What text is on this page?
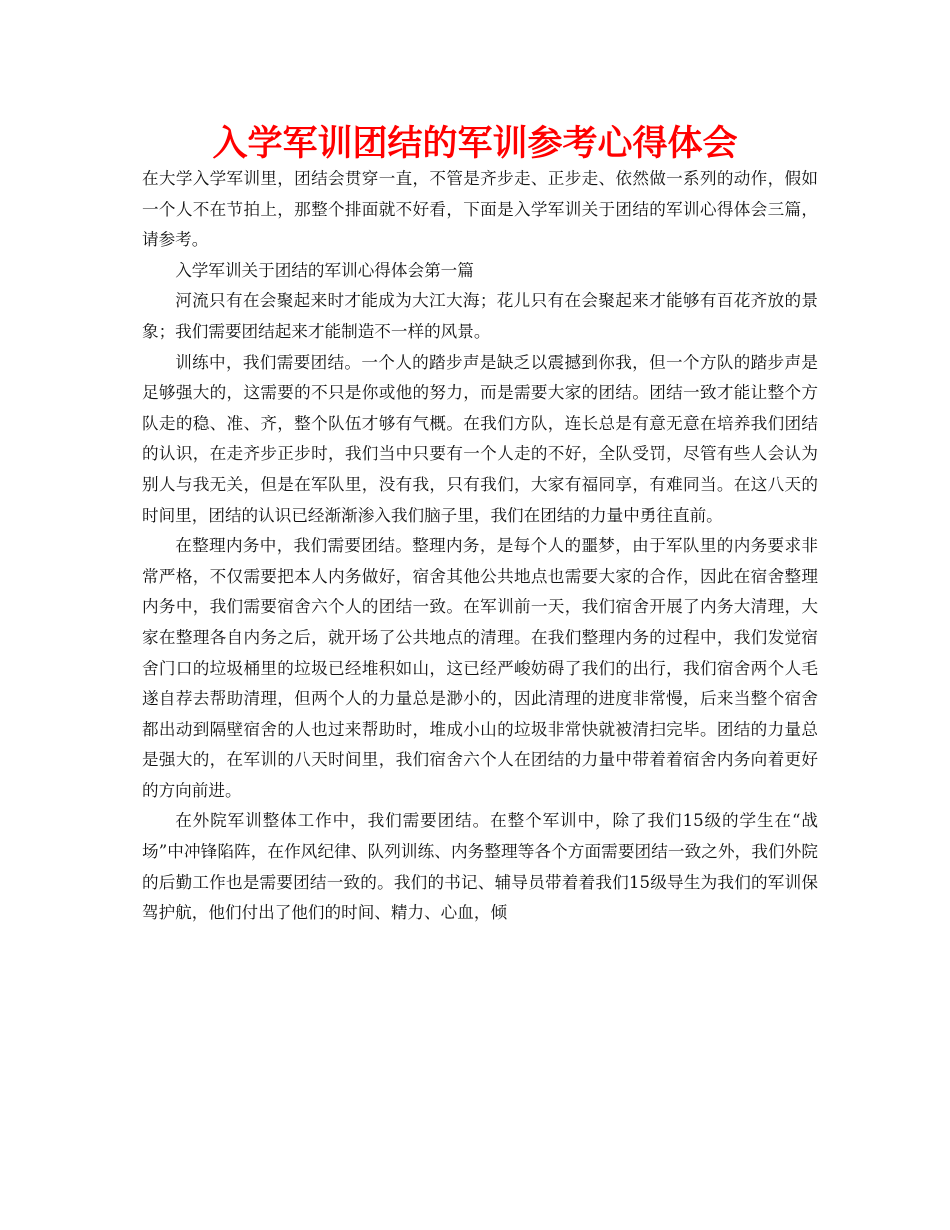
入学军训团结的军训参考心得体会

在大学入学军训里，团结会贯穿一直，不管是齐步走、正步走、依然做一系列的动作，假如一个人不在节拍上，那整个排面就不好看，下面是入学军训关于团结的军训心得体会三篇，请参考。

入学军训关于团结的军训心得体会第一篇

河流只有在会聚起来时才能成为大江大海；花儿只有在会聚起来才能够有百花齐放的景象；我们需要团结起来才能制造不一样的风景。

训练中，我们需要团结。一个人的踏步声是缺乏以震撼到你我，但一个方队的踏步声是足够强大的，这需要的不只是你或他的努力，而是需要大家的团结。团结一致才能让整个方队走的稳、准、齐，整个队伍才够有气概。在我们方队，连长总是有意无意在培养我们团结的认识，在走齐步正步时，我们当中只要有一个人走的不好，全队受罚，尽管有些人会认为别人与我无关，但是在军队里，没有我，只有我们，大家有福同享，有难同当。在这八天的时间里，团结的认识已经渐渐渗入我们脑子里，我们在团结的力量中勇往直前。

在整理内务中，我们需要团结。整理内务，是每个人的噩梦，由于军队里的内务要求非常严格，不仅需要把本人内务做好，宿舍其他公共地点也需要大家的合作，因此在宿舍整理内务中，我们需要宿舍六个人的团结一致。在军训前一天，我们宿舍开展了内务大清理，大家在整理各自内务之后，就开场了公共地点的清理。在我们整理内务的过程中，我们发觉宿舍门口的垃圾桶里的垃圾已经堆积如山，这已经严峻妨碍了我们的出行，我们宿舍两个人毛遂自荐去帮助清理，但两个人的力量总是渺小的，因此清理的进度非常慢，后来当整个宿舍都出动到隔壁宿舍的人也过来帮助时，堆成小山的垃圾非常快就被清扫完毕。团结的力量总是强大的，在军训的八天时间里，我们宿舍六个人在团结的力量中带着着宿舍内务向着更好的方向前进。

在外院军训整体工作中，我们需要团结。在整个军训中，除了我们15级的学生在“战场”中冲锋陷阵，在作风纪律、队列训练、内务整理等各个方面需要团结一致之外，我们外院的后勤工作也是需要团结一致的。我们的书记、辅导员带着着我们15级导生为我们的军训保驾护航，他们付出了他们的时间、精力、心血，倾
